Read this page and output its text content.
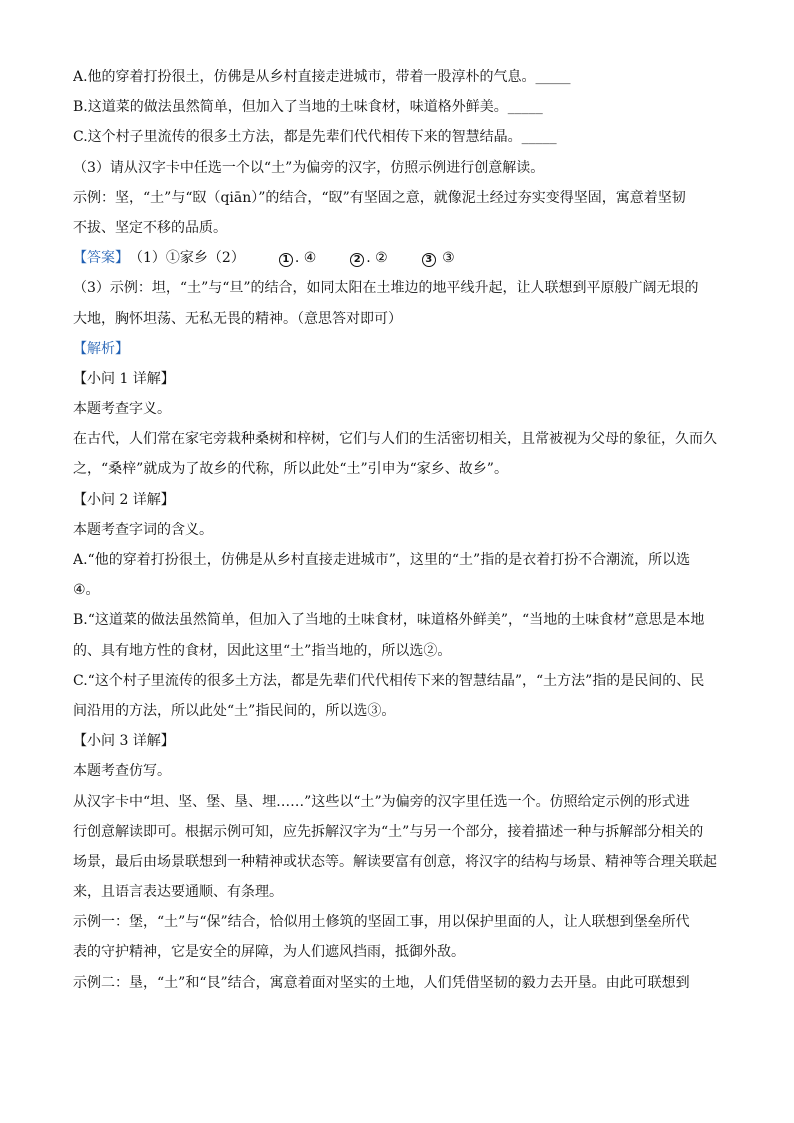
A.他的穿着打扮很土，仿佛是从乡村直接走进城市，带着一股淳朴的气息。_____
B.这道菜的做法虽然简单，但加入了当地的土味食材，味道格外鲜美。_____
C.这个村子里流传的很多土方法，都是先辈们代代相传下来的智慧结晶。_____
（3）请从汉字卡中任选一个以“土”为偏旁的汉字，仿照示例进行创意解读。
示例：坚，“土”与“臤（qiān）”的结合，“臤”有坚固之意，就像泥土经过夯实变得坚固，寓意着坚韧
不拔、坚定不移的品质。
【答案】 （1）①家乡（2）	1 . ④	2 . ②	3 ③
（3）示例：坦，“土”与“旦”的结合，如同太阳在土堆边的地平线升起，让人联想到平原般广阔无垠的
大地，胸怀坦荡、无私无畏的精神。（意思答对即可）
【解析】
【小问 1 详解】
本题考查字义。
在古代，人们常在家宅旁栽种桑树和梓树，它们与人们的生活密切相关，且常被视为父母的象征，久而久
之，“桑梓”就成为了故乡的代称，所以此处“土”引申为“家乡、故乡”。
【小问 2 详解】
本题考查字词的含义。
A.“他的穿着打扮很土，仿佛是从乡村直接走进城市”，这里的“土”指的是衣着打扮不合潮流，所以选
④。
B.“这道菜的做法虽然简单，但加入了当地的土味食材，味道格外鲜美”，“当地的土味食材”意思是本地
的、具有地方性的食材，因此这里“土”指当地的，所以选②。
C.“这个村子里流传的很多土方法，都是先辈们代代相传下来的智慧结晶”，“土方法”指的是民间的、民
间沿用的方法，所以此处“土”指民间的，所以选③。
【小问 3 详解】
本题考查仿写。
从汉字卡中“坦、坚、堡、垦、埋……”这些以“土”为偏旁的汉字里任选一个。仿照给定示例的形式进
行创意解读即可。根据示例可知，应先拆解汉字为“土”与另一个部分，接着描述一种与拆解部分相关的
场景，最后由场景联想到一种精神或状态等。解读要富有创意，将汉字的结构与场景、精神等合理关联起
来，且语言表达要通顺、有条理。
示例一：堡，“土”与“保”结合，恰似用土修筑的坚固工事，用以保护里面的人，让人联想到堡垒所代
表的守护精神，它是安全的屏障，为人们遮风挡雨，抵御外敌。
示例二：垦，“土”和“艮”结合，寓意着面对坚实的土地，人们凭借坚韧的毅力去开垦。由此可联想到
